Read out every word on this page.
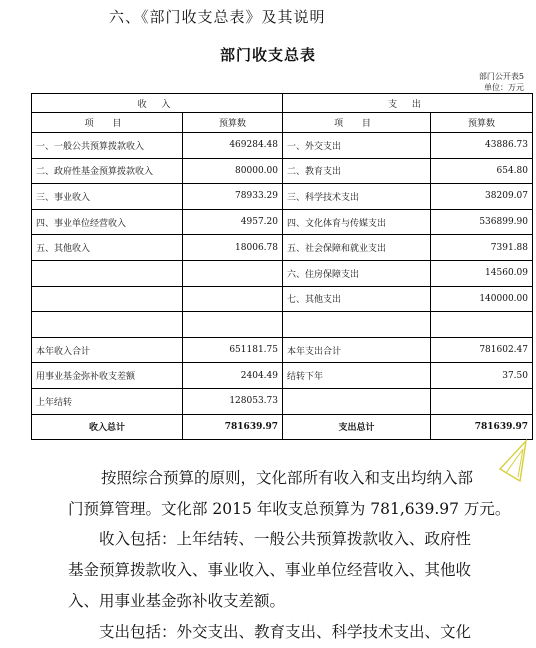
六、《部门收支总表》及其说明
部门收支总表
部门公开表5
单位：万元
收 入		支 出	
项 目	预算数	项 目	预算数
一、一般公共预算拨款收入	469284.48	一、外交支出	43886.73
二、政府性基金预算拨款收入	80000.00	二、教育支出	654.80
三、事业收入	78933.29	三、科学技术支出	38209.07
四、事业单位经营收入	4957.20	四、文化体育与传媒支出	536899.90
五、其他收入	18006.78	五、社会保障和就业支出	7391.88
		六、住房保障支出	14560.09
		七、其他支出	140000.00

本年收入合计	651181.75	本年支出合计	781602.47
用事业基金弥补收支差额	2404.49	结转下年	37.50
上年结转	128053.73		
收入总计	781639.97	支出总计	781639.97
按照综合预算的原则，文化部所有收入和支出均纳入部
门预算管理。文化部 2015 年收支总预算为 781,639.97 万元。
　　收入包括：上年结转、一般公共预算拨款收入、政府性
基金预算拨款收入、事业收入、事业单位经营收入、其他收
入、用事业基金弥补收支差额。
　　支出包括：外交支出、教育支出、科学技术支出、文化
